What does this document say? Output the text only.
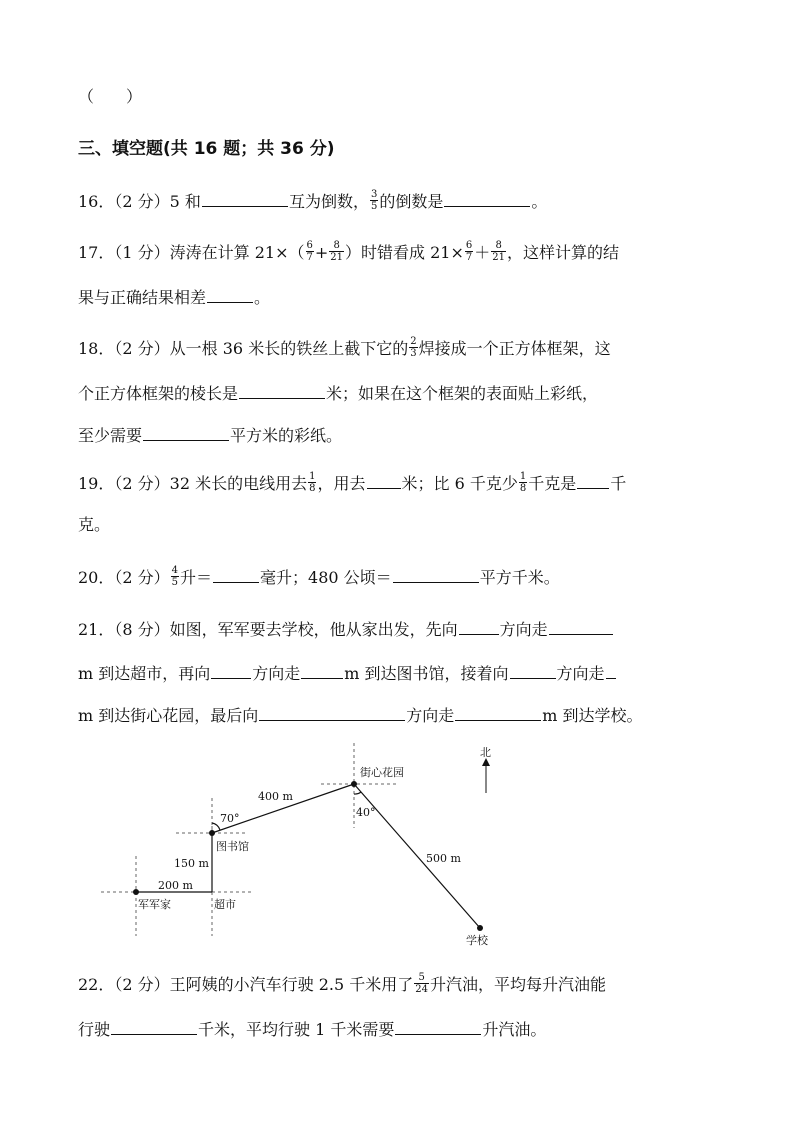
（　　）
三、填空题(共 16 题；共 36 分)
16．（2 分）5 和	互为倒数， $\frac{3}{5}$ 的倒数是	。
17．（1 分）涛涛在计算 $21\times( \frac{6}{7} + \frac{8}{21}$ ）时错看成 $21\times \frac{6}{7} + \frac{8}{21}$ ，这样计算的结
果与正确结果相差	。
18．（2 分）从一根 36 米长的铁丝上截下它的 $\frac{2}{3}$ 焊接成一个正方体框架，这
个正方体框架的棱长是	米；如果在这个框架的表面贴上彩纸，
至少需要	平方米的彩纸。
19．（2 分）32 米长的电线用去 $\frac{1}{8}$ ，用去 米；比 6 千克少 $\frac{1}{8}$ 千克是 千
克。
20．（2 分） $\frac{4}{5}$ 升＝	毫升；480 公顷＝	平方千米。
21．（8 分）如图，军军要去学校，他从家出发，先向	方向走
m 到达超市，再向	方向走	m 到达图书馆，接着向	方向走
m 到达街心花园，最后向	方向走	m 到达学校。
北
军军家	超市
图书馆
街心花园
学校
200 m
150 m
400 m
500 m
70°	40°
22．（2 分）王阿姨的小汽车行驶 2.5 千米用了 $\frac{5}{24}$ 升汽油，平均每升汽油能
行驶	千米，平均行驶 1 千米需要	升汽油。
